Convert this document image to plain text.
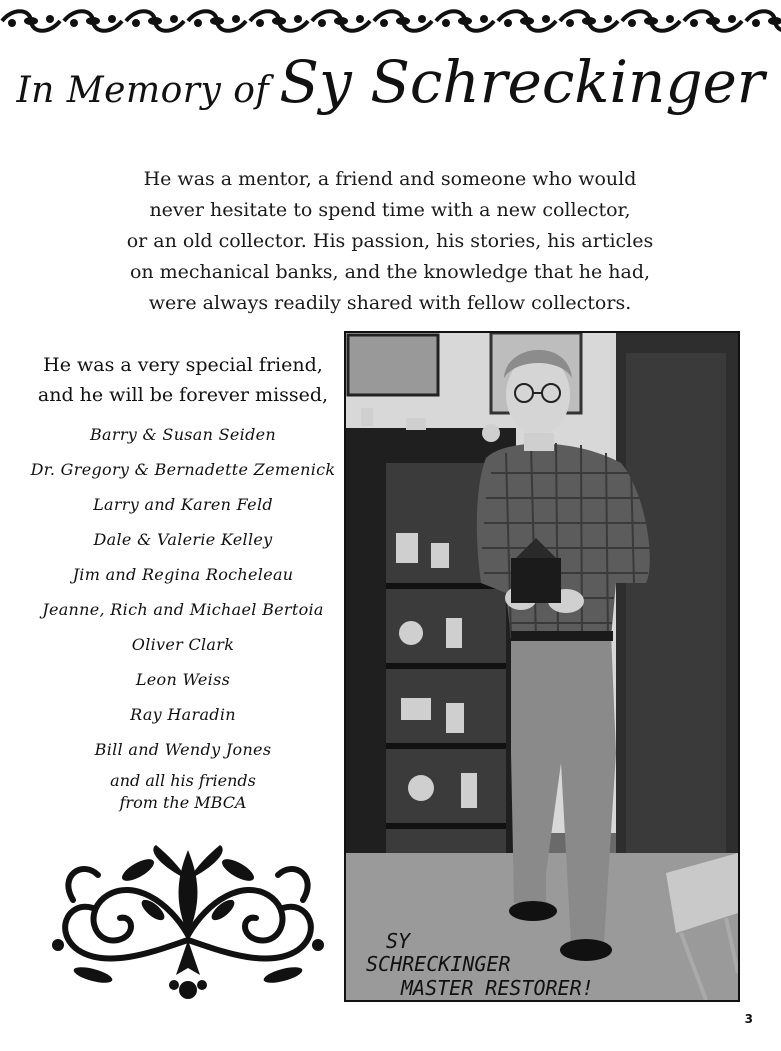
In Memory of Sy Schreckinger

He was a mentor, a friend and someone who would

never hesitate to spend time with a new collector,

or an old collector. His passion, his stories, his articles

on mechanical banks, and the knowledge that he had,

were always readily shared with fellow collectors.

He was a very special friend,

and he will be forever missed,

Barry & Susan Seiden
Dr. Gregory & Bernadette Zemenick
Larry and Karen Feld
Dale & Valerie Kelley
Jim and Regina Rocheleau
Jeanne, Rich and Michael Bertoia
Oliver Clark
Leon Weiss
Ray Haradin
Bill and Wendy Jones
and all his friends
from the MBCA
SY
SCHRECKINGER
MASTER RESTORER!
3
